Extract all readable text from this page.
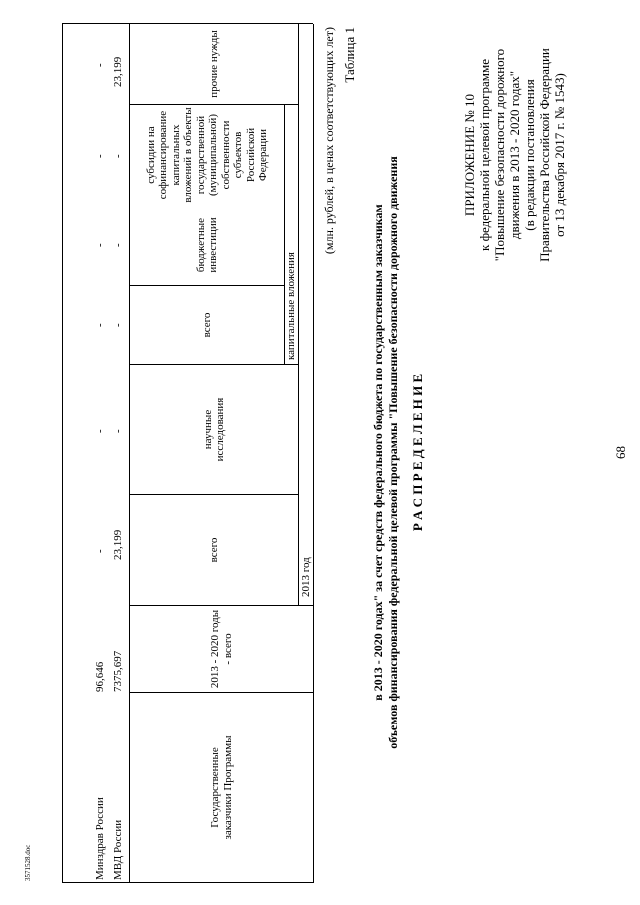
68
ПРИЛОЖЕНИЕ № 10 к федеральной целевой программе "Повышение безопасности дорожного движения в 2013 - 2020 годах" (в редакции постановления Правительства Российской Федерации от 13 декабря 2017 г. № 1543)
Р А С П Р Е Д Е Л Е Н И Е
объемов финансирования федеральной целевой программы "Повышение безопасности дорожного движения
в 2013 - 2020 годах" за счет средств федерального бюджета по государственным заказчикам
Таблица 1
(млн. рублей, в ценах соответствующих лет)
Государственные заказчики Программы
2013 - 2020 годы - всего
2013 год
всего
научные исследования
капитальные вложения
всего
бюджетные инвестиции
субсидии на софинансирование капитальных вложений в объекты государственной (муниципальной) собственности субъектов Российской Федерации
прочие нужды
МВД России
7375,697
23,199
-
-
-
-
23,199
Минздрав России
96,646
-
-
-
-
-
-
3571528.doc
